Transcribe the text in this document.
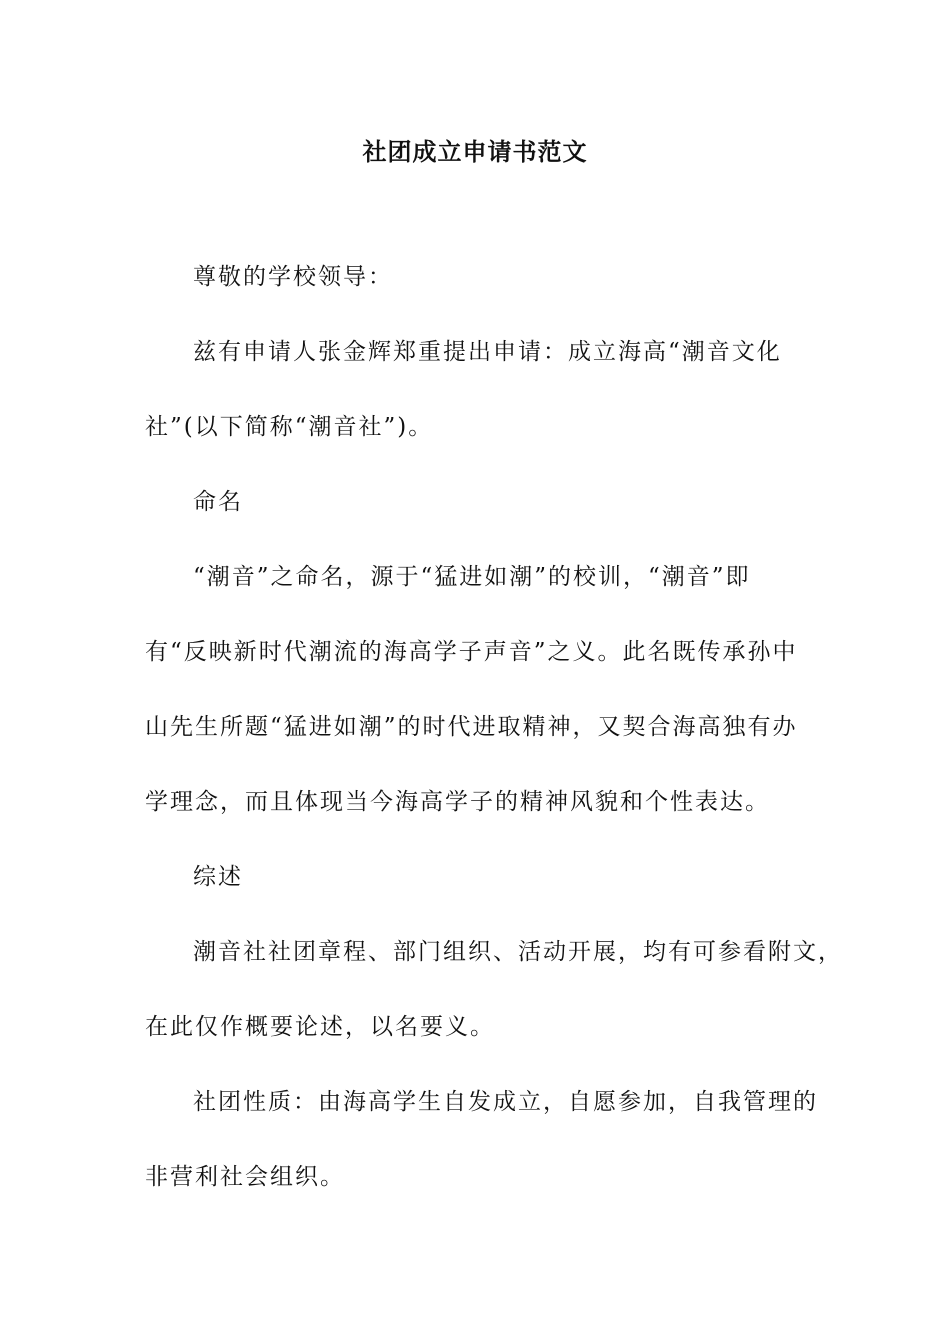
社团成立申请书范文
尊敬的学校领导：
兹有申请人张金辉郑重提出申请：成立海高“潮音文化
社”(以下简称“潮音社”)。
命名
“潮音”之命名，源于“猛进如潮”的校训，“潮音”即
有“反映新时代潮流的海高学子声音”之义。此名既传承孙中
山先生所题“猛进如潮”的时代进取精神，又契合海高独有办
学理念，而且体现当今海高学子的精神风貌和个性表达。
综述
潮音社社团章程、部门组织、活动开展，均有可参看附文，
在此仅作概要论述，以名要义。
社团性质：由海高学生自发成立，自愿参加，自我管理的
非营利社会组织。
